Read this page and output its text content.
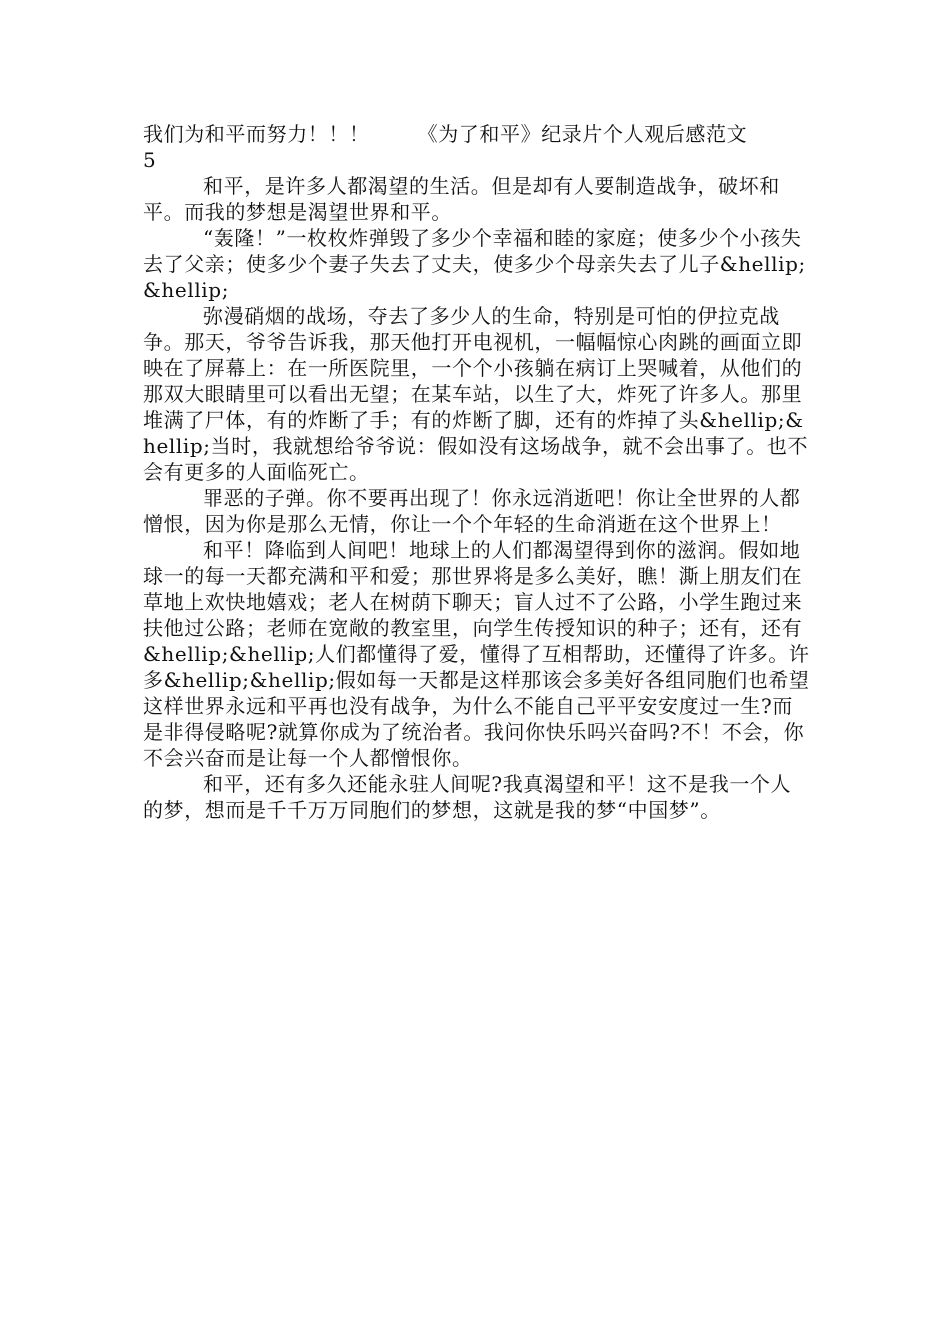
我们为和平而努力！！！ 《为了和平》纪录片个人观后感范文
5

和平，是许多人都渴望的生活。但是却有人要制造战争，破坏和平。而我的梦想是渴望世界和平。

“轰隆！”一枚枚炸弹毁了多少个幸福和睦的家庭；使多少个小孩失去了父亲；使多少个妻子失去了丈夫，使多少个母亲失去了儿子&hellip;&hellip;

弥漫硝烟的战场，夺去了多少人的生命，特别是可怕的伊拉克战争。那天，爷爷告诉我，那天他打开电视机，一幅幅惊心肉跳的画面立即映在了屏幕上：在一所医院里，一个个小孩躺在病订上哭喊着，从他们的那双大眼睛里可以看出无望；在某车站，以生了大，炸死了许多人。那里堆满了尸体，有的炸断了手；有的炸断了脚，还有的炸掉了头&hellip;&hellip;当时，我就想给爷爷说：假如没有这场战争，就不会出事了。也不会有更多的人面临死亡。

罪恶的子弹。你不要再出现了！你永远消逝吧！你让全世界的人都憎恨，因为你是那么无情，你让一个个年轻的生命消逝在这个世界上！

和平！降临到人间吧！地球上的人们都渴望得到你的滋润。假如地球一的每一天都充满和平和爱；那世界将是多么美好，瞧！澌上朋友们在草地上欢快地嬉戏；老人在树荫下聊天；盲人过不了公路，小学生跑过来扶他过公路；老师在宽敞的教室里，向学生传授知识的种子；还有，还有&hellip;&hellip;人们都懂得了爱，懂得了互相帮助，还懂得了许多。许多&hellip;&hellip;假如每一天都是这样那该会多美好各组同胞们也希望这样世界永远和平再也没有战争，为什么不能自己平平安安度过一生?而是非得侵略呢?就算你成为了统治者。我问你快乐吗兴奋吗?不！不会，你不会兴奋而是让每一个人都憎恨你。

和平，还有多久还能永驻人间呢?我真渴望和平！这不是我一个人的梦，想而是千千万万同胞们的梦想，这就是我的梦“中国梦”。
